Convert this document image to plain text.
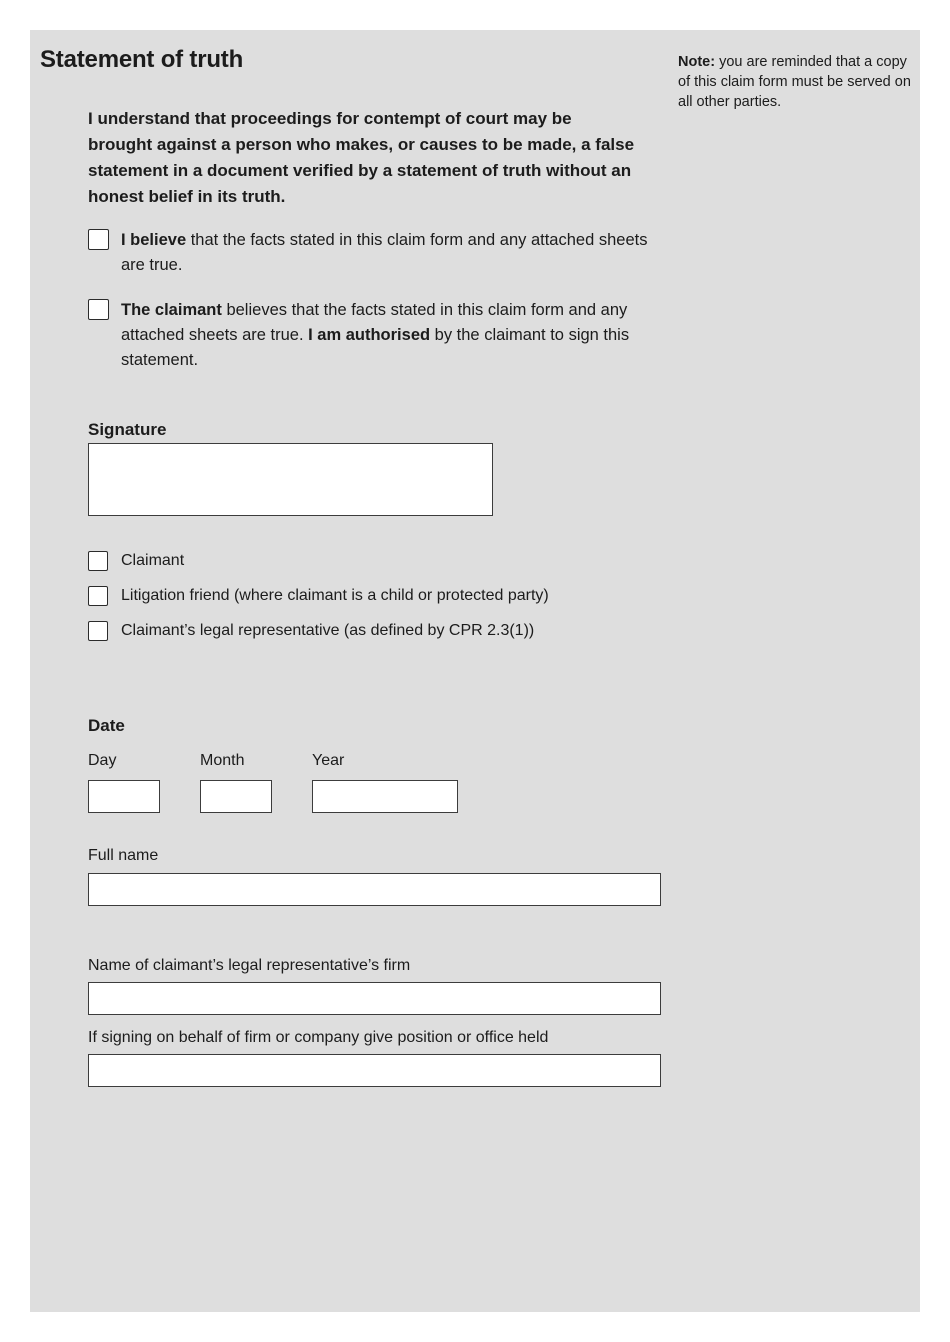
Statement of truth	Note: you are reminded that a copy of this claim form must be served on all other parties.
I understand that proceedings for contempt of court may be brought against a person who makes, or causes to be made, a false statement in a document verified by a statement of truth without an honest belief in its truth.
I believe that the facts stated in this claim form and any attached sheets are true.
The claimant believes that the facts stated in this claim form and any attached sheets are true. I am authorised by the claimant to sign this statement.
Signature
Claimant
Litigation friend (where claimant is a child or protected party)
Claimant’s legal representative (as defined by CPR 2.3(1))
Date
Day	Month	Year
Full name
Name of claimant’s legal representative’s firm
If signing on behalf of firm or company give position or office held
